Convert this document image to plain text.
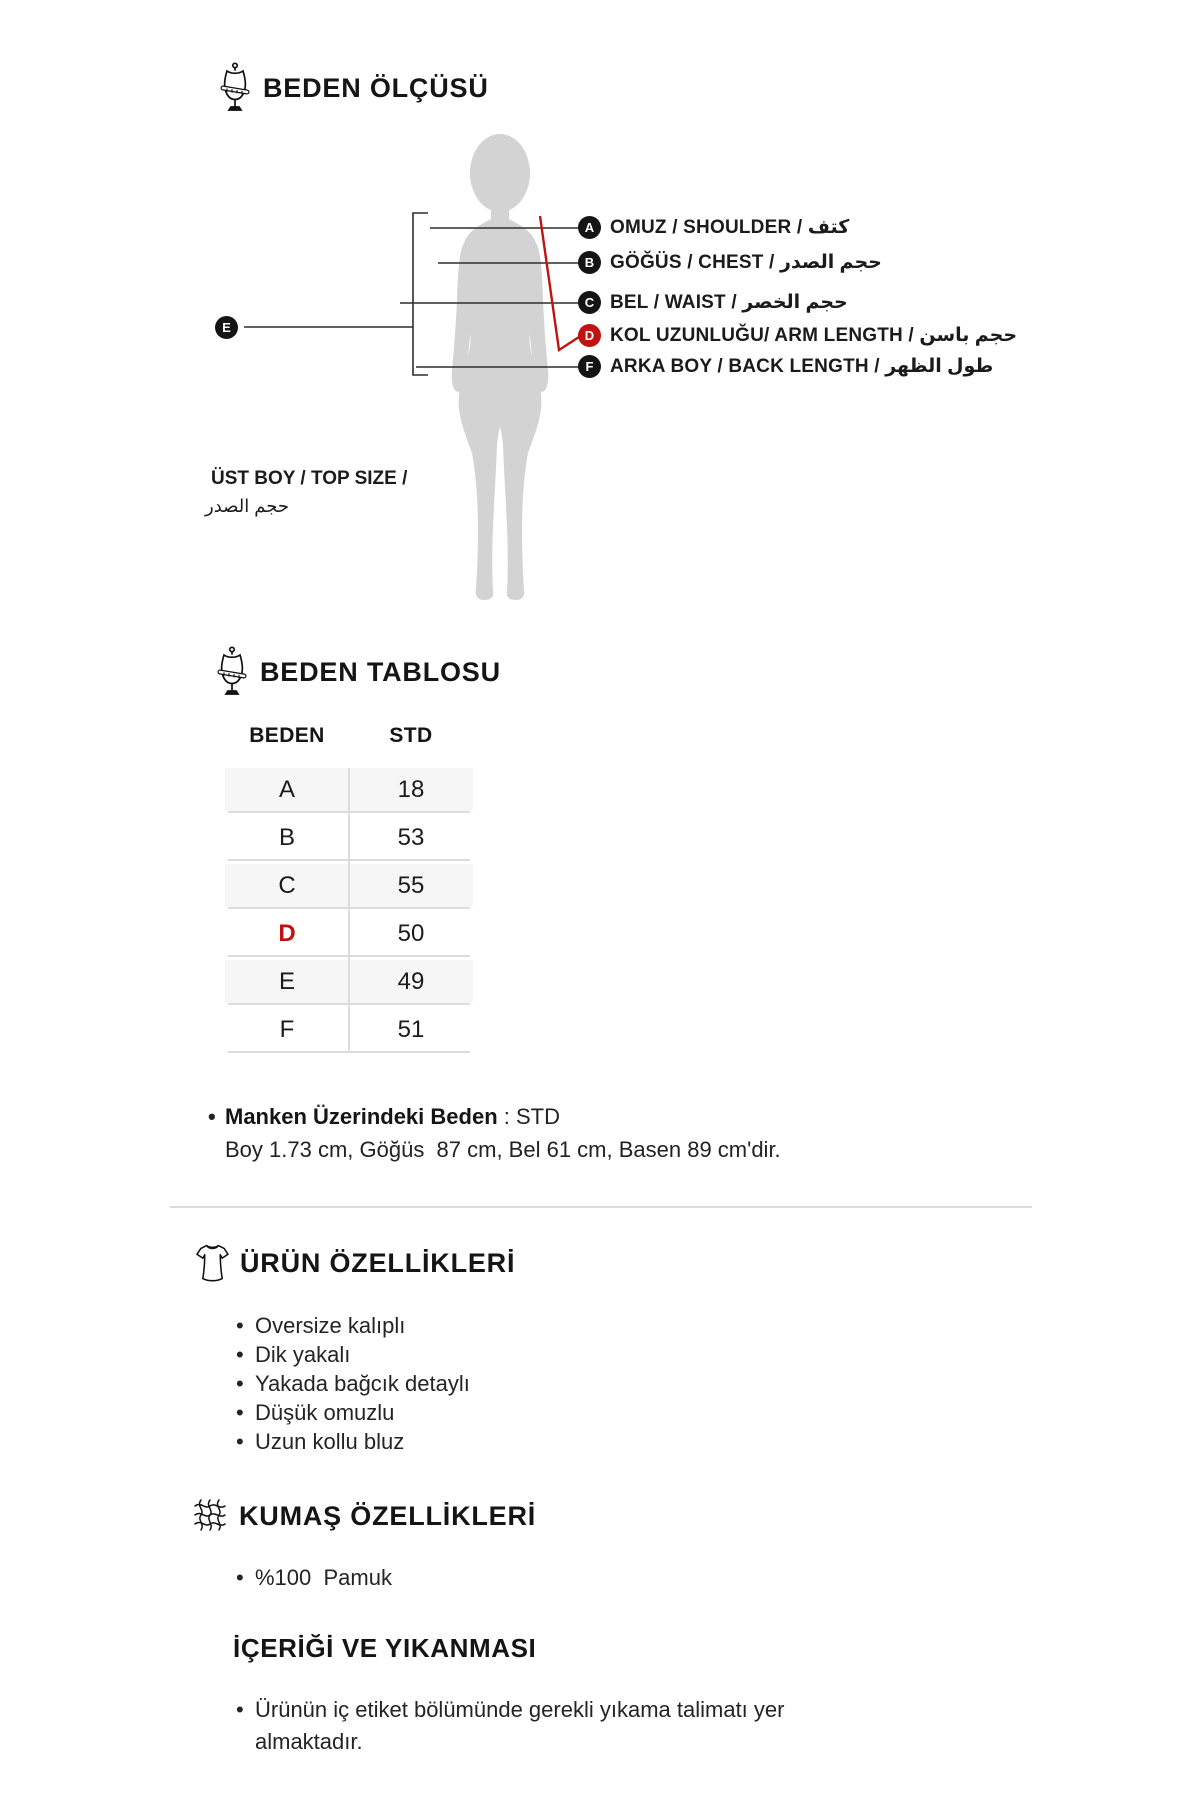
BEDEN ÖLÇÜSÜ
A OMUZ / SHOULDER / كتف
B GÖĞÜS / CHEST / حجم الصدر
C BEL / WAIST / حجم الخصر
D KOL UZUNLUĞU/ ARM LENGTH / حجم باسن
F ARKA BOY / BACK LENGTH / طول الظهر
E
ÜST BOY / TOP SIZE /
حجم الصدر
BEDEN TABLOSU
BEDEN	STD
A	18
B	53
C	55
D	50
E	49
F	51
• Manken Üzerindeki Beden : STD
Boy 1.73 cm, Göğüs  87 cm, Bel 61 cm, Basen 89 cm'dir.
ÜRÜN ÖZELLİKLERİ
• Oversize kalıplı
• Dik yakalı
• Yakada bağcık detaylı
• Düşük omuzlu
• Uzun kollu bluz
KUMAŞ ÖZELLİKLERİ
• %100  Pamuk
İÇERİĞİ VE YIKANMASI
• Ürünün iç etiket bölümünde gerekli yıkama talimatı yer almaktadır.
